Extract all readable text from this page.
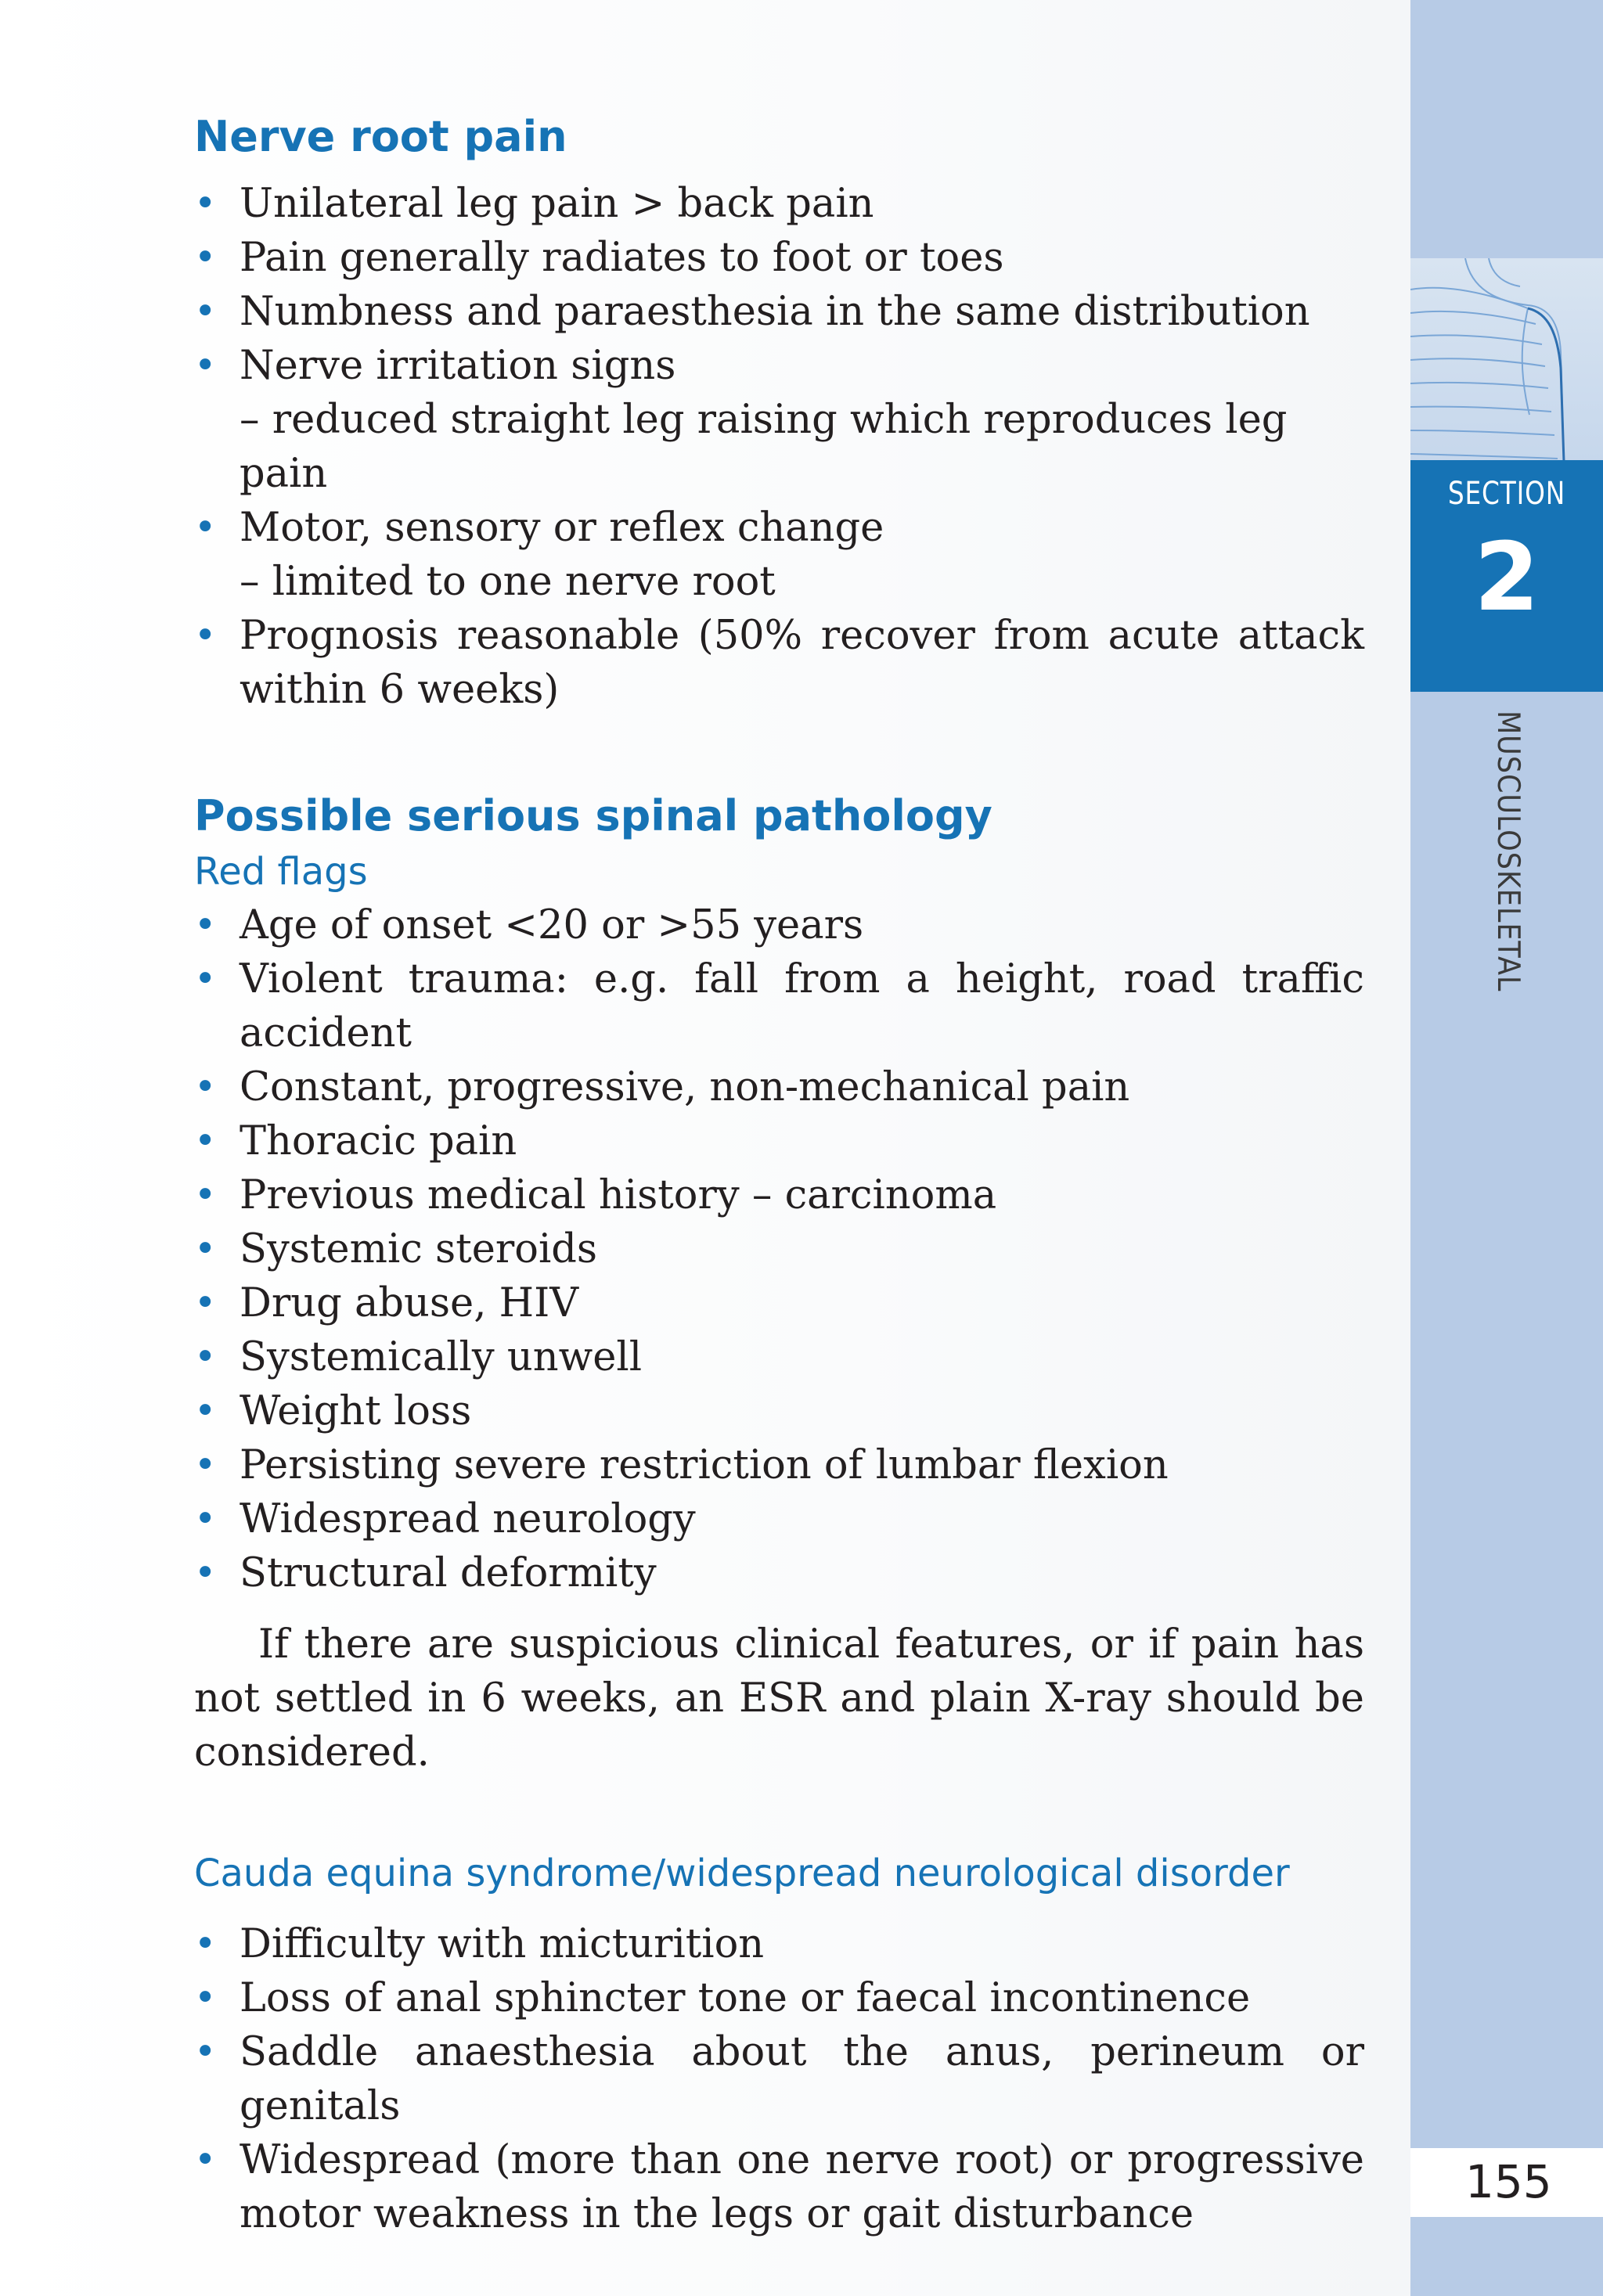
Nerve root pain
• Unilateral leg pain > back pain
• Pain generally radiates to foot or toes
• Numbness and paraesthesia in the same distribution
• Nerve irritation signs

– reduced straight leg raising which reproduces leg pain

• Motor, sensory or reflex change

– limited to one nerve root

• Prognosis reasonable (50% recover from acute attack within 6 weeks)
Possible serious spinal pathology

Red flags

• Age of onset <20 or >55 years
• Violent trauma: e.g. fall from a height, road traffic accident
• Constant, progressive, non-mechanical pain
• Thoracic pain
• Previous medical history – carcinoma
• Systemic steroids
• Drug abuse, HIV
• Systemically unwell
• Weight loss
• Persisting severe restriction of lumbar flexion
• Widespread neurology
• Structural deformity

If there are suspicious clinical features, or if pain has not settled in 6 weeks, an ESR and plain X-ray should be considered.

Cauda equina syndrome/widespread neurological disorder

• Difficulty with micturition
• Loss of anal sphincter tone or faecal incontinence
• Saddle anaesthesia about the anus, perineum or genitals
• Widespread (more than one nerve root) or progressive motor weakness in the legs or gait disturbance
SECTION
2
155
MUSCULOSKELETAL
